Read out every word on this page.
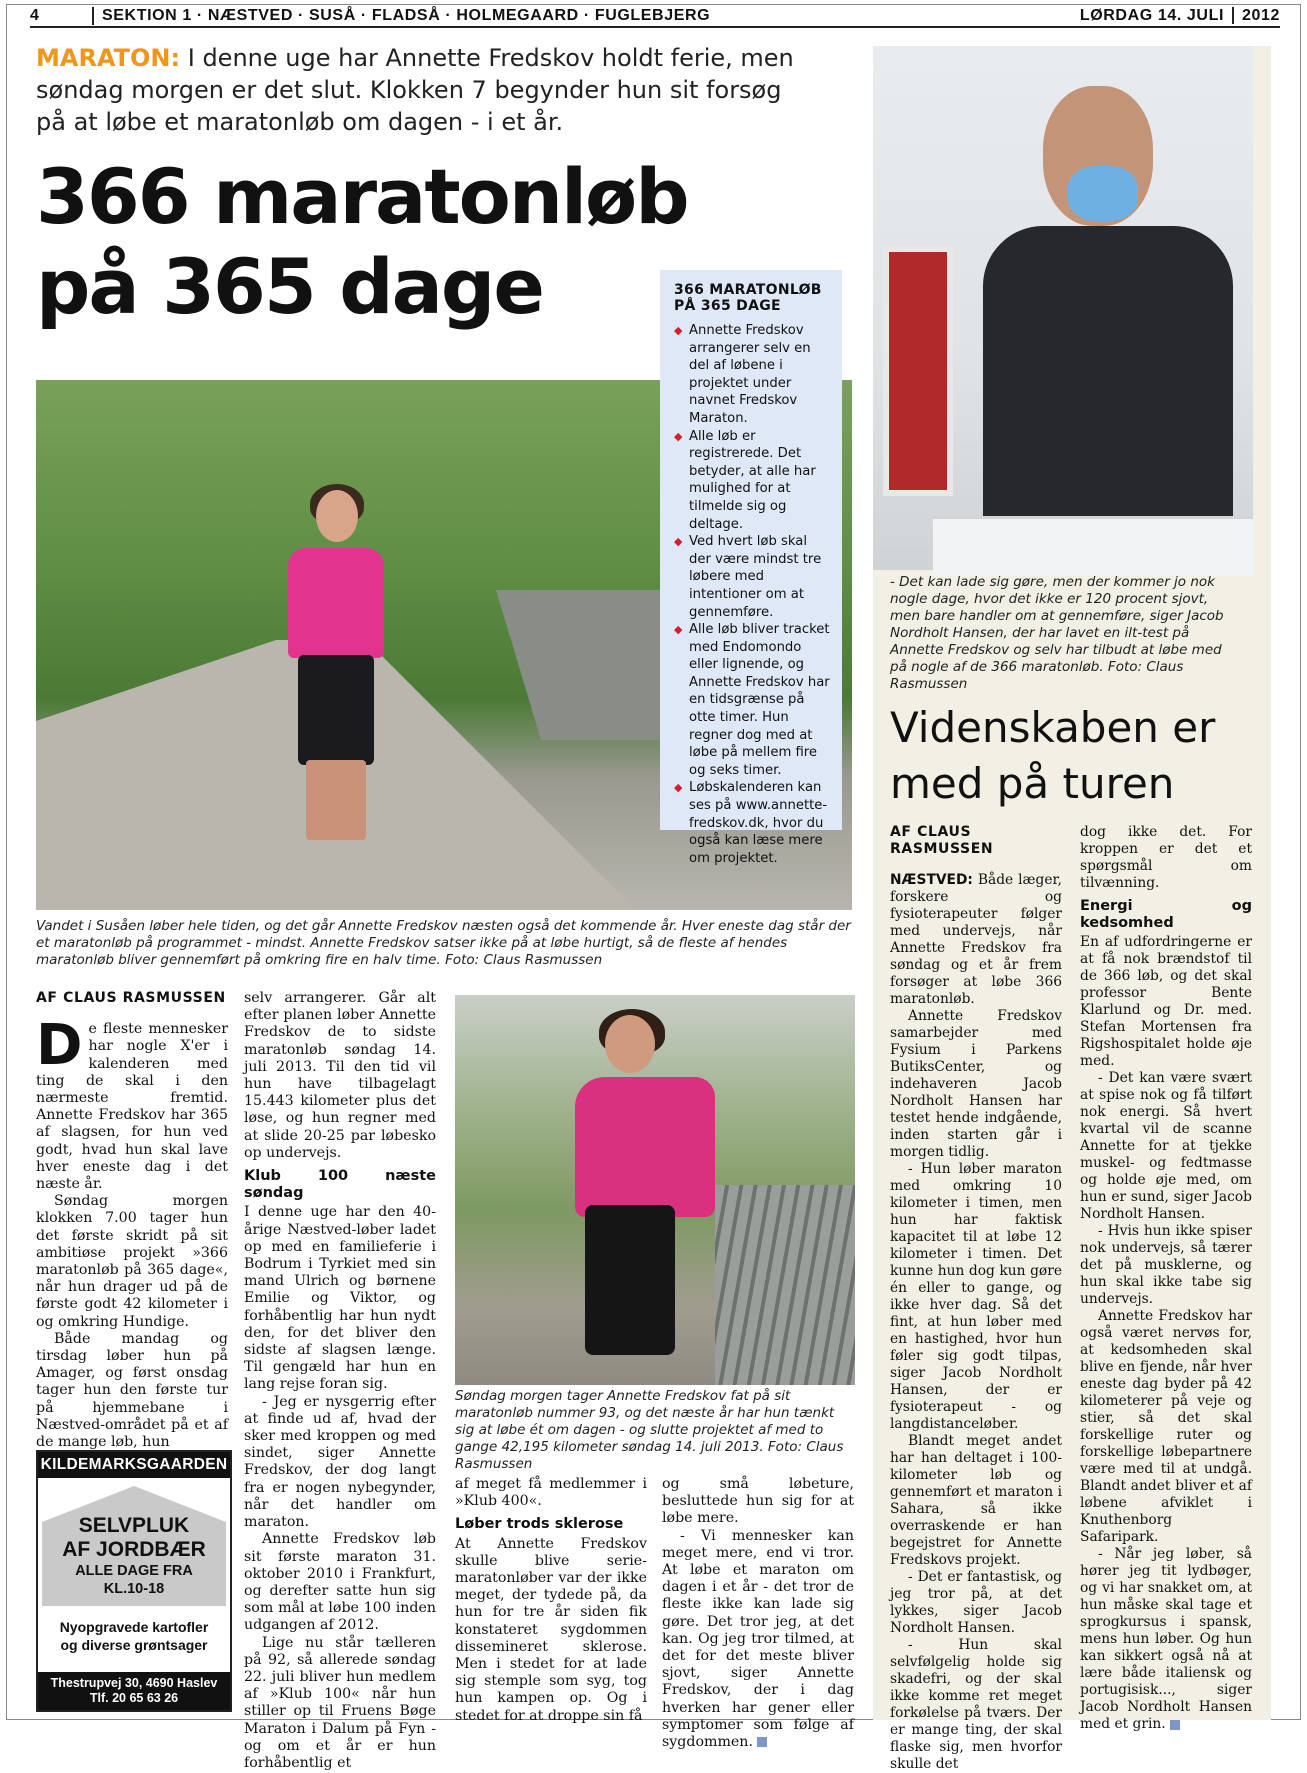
4	SEKTION 1 · NÆSTVED · SUSÅ · FLADSÅ · HOLMEGAARD · FUGLEBJERG	LØRDAG 14. JULI 2012
MARATON: I denne uge har Annette Fredskov holdt ferie, men søndag morgen er det slut. Klokken 7 begynder hun sit forsøg på at løbe et maratonløb om dagen - i et år.
366 maratonløb
på 365 dage	366 MARATONLØB PÅ 365 DAGE
◆ Annette Fredskov arrangerer selv en del af løbene i projektet under navnet Fredskov Maraton.
◆ Alle løb er registrerede. Det betyder, at alle har mulighed for at tilmelde sig og deltage.
◆ Ved hvert løb skal der være mindst tre løbere med intentioner om at gennemføre.
◆ Alle løb bliver tracket med Endomondo eller lignende, og Annette Fredskov har en tidsgrænse på otte timer. Hun regner dog med at løbe på mellem fire og seks timer.
◆ Løbskalenderen kan ses på www.annette-fredskov.dk, hvor du også kan læse mere om projektet.
Vandet i Susåen løber hele tiden, og det går Annette Fredskov næsten også det kommende år. Hver eneste dag står der et maratonløb på programmet - mindst. Annette Fredskov satser ikke på at løbe hurtigt, så de fleste af hendes maratonløb bliver gennemført på omkring fire en halv time. Foto: Claus Rasmussen
AF CLAUS RASMUSSEN

De fleste mennesker har nogle X'er i kalenderen med ting de skal i den nærmeste fremtid. Annette Fredskov har 365 af slagsen, for hun ved godt, hvad hun skal lave hver eneste dag i det næste år.

Søndag morgen klokken 7.00 tager hun det første skridt på sit ambitiøse projekt »366 maratonløb på 365 dage«, når hun drager ud på de første godt 42 kilometer i og omkring Hundige.

Både mandag og tirsdag løber hun på Amager, og først onsdag tager hun den første tur på hjemmebane i Næstved-området på et af de mange løb, hun

selv arrangerer. Går alt efter planen løber Annette Fredskov de to sidste maratonløb søndag 14. juli 2013. Til den tid vil hun have tilbagelagt 15.443 kilometer plus det løse, og hun regner med at slide 20-25 par løbesko op undervejs.

Klub 100 næste søndag

I denne uge har den 40-årige Næstved-løber ladet op med en familieferie i Bodrum i Tyrkiet med sin mand Ulrich og børnene Emilie og Viktor, og forhåbentlig har hun nydt den, for det bliver den sidste af slagsen længe. Til gengæld har hun en lang rejse foran sig.

- Jeg er nysgerrig efter at finde ud af, hvad der sker med kroppen og med sindet, siger Annette Fredskov, der dog langt fra er nogen nybegynder, når det handler om maraton.

Annette Fredskov løb sit første maraton 31. oktober 2010 i Frankfurt, og derefter satte hun sig som mål at løbe 100 inden udgangen af 2012.

Lige nu står tælleren på 92, så allerede søndag 22. juli bliver hun medlem af »Klub 100« når hun stiller op til Fruens Bøge Maraton i Dalum på Fyn - og om et år er hun forhåbentlig et

Søndag morgen tager Annette Fredskov fat på sit maratonløb nummer 93, og det næste år har hun tænkt sig at løbe ét om dagen - og slutte projektet af med to gange 42,195 kilometer søndag 14. juli 2013. Foto: Claus Rasmussen

af meget få medlemmer i »Klub 400«.

Løber trods sklerose

At Annette Fredskov skulle blive serie-maratonløber var der ikke meget, der tydede på, da hun for tre år siden fik konstateret sygdommen dissemineret sklerose. Men i stedet for at lade sig stemple som syg, tog hun kampen op. Og i stedet for at droppe sin få

og små løbeture, besluttede hun sig for at løbe mere.

- Vi mennesker kan meget mere, end vi tror. At løbe et maraton om dagen i et år - det tror de fleste ikke kan lade sig gøre. Det tror jeg, at det kan. Og jeg tror tilmed, at det for det meste bliver sjovt, siger Annette Fredskov, der i dag hverken har gener eller symptomer som følge af sygdommen.

KILDEMARKSGAARDEN
SELVPLUK
AF JORDBÆR
ALLE DAGE FRA
KL.10-18
Nyopgravede kartofler
og diverse grøntsager
Thestrupvej 30, 4690 Haslev
Tlf. 20 65 63 26
- Det kan lade sig gøre, men der kommer jo nok nogle dage, hvor det ikke er 120 procent sjovt, men bare handler om at gennemføre, siger Jacob Nordholt Hansen, der har lavet en ilt-test på Annette Fredskov og selv har tilbudt at løbe med på nogle af de 366 maratonløb. Foto: Claus Rasmussen
Videnskaben er
med på turen
AF CLAUS
RASMUSSEN

NÆSTVED: Både læger, forskere og fysioterapeuter følger med undervejs, når Annette Fredskov fra søndag og et år frem forsøger at løbe 366 maratonløb.

Annette Fredskov samarbejder med Fysium i Parkens ButiksCenter, og indehaveren Jacob Nordholt Hansen har testet hende indgående, inden starten går i morgen tidlig.

- Hun løber maraton med omkring 10 kilometer i timen, men hun har faktisk kapacitet til at løbe 12 kilometer i timen. Det kunne hun dog kun gøre én eller to gange, og ikke hver dag. Så det fint, at hun løber med en hastighed, hvor hun føler sig godt tilpas, siger Jacob Nordholt Hansen, der er fysioterapeut - og langdistanceløber.

Blandt meget andet har han deltaget i 100-kilometer løb og gennemført et maraton i Sahara, så ikke overraskende er han begejstret for Annette Fredskovs projekt.

- Det er fantastisk, og jeg tror på, at det lykkes, siger Jacob Nordholt Hansen.

- Hun skal selvfølgelig holde sig skadefri, og der skal ikke komme ret meget forkølelse på tværs. Der er mange ting, der skal flaske sig, men hvorfor skulle det

dog ikke det. For kroppen er det et spørgsmål om tilvænning.

Energi og kedsomhed

En af udfordringerne er at få nok brændstof til de 366 løb, og det skal professor Bente Klarlund og Dr. med. Stefan Mortensen fra Rigshospitalet holde øje med.

- Det kan være svært at spise nok og få tilført nok energi. Så hvert kvartal vil de scanne Annette for at tjekke muskel- og fedtmasse og holde øje med, om hun er sund, siger Jacob Nordholt Hansen.

- Hvis hun ikke spiser nok undervejs, så tærer det på musklerne, og hun skal ikke tabe sig undervejs.

Annette Fredskov har også været nervøs for, at kedsomheden skal blive en fjende, når hver eneste dag byder på 42 kilometerer på veje og stier, så det skal forskellige ruter og forskellige løbepartnere være med til at undgå. Blandt andet bliver et af løbene afviklet i Knuthenborg Safaripark.

- Når jeg løber, så hører jeg tit lydbøger, og vi har snakket om, at hun måske skal tage et sprogkursus i spansk, mens hun løber. Og hun kan sikkert også nå at lære både italiensk og portugisisk..., siger Jacob Nordholt Hansen med et grin.
